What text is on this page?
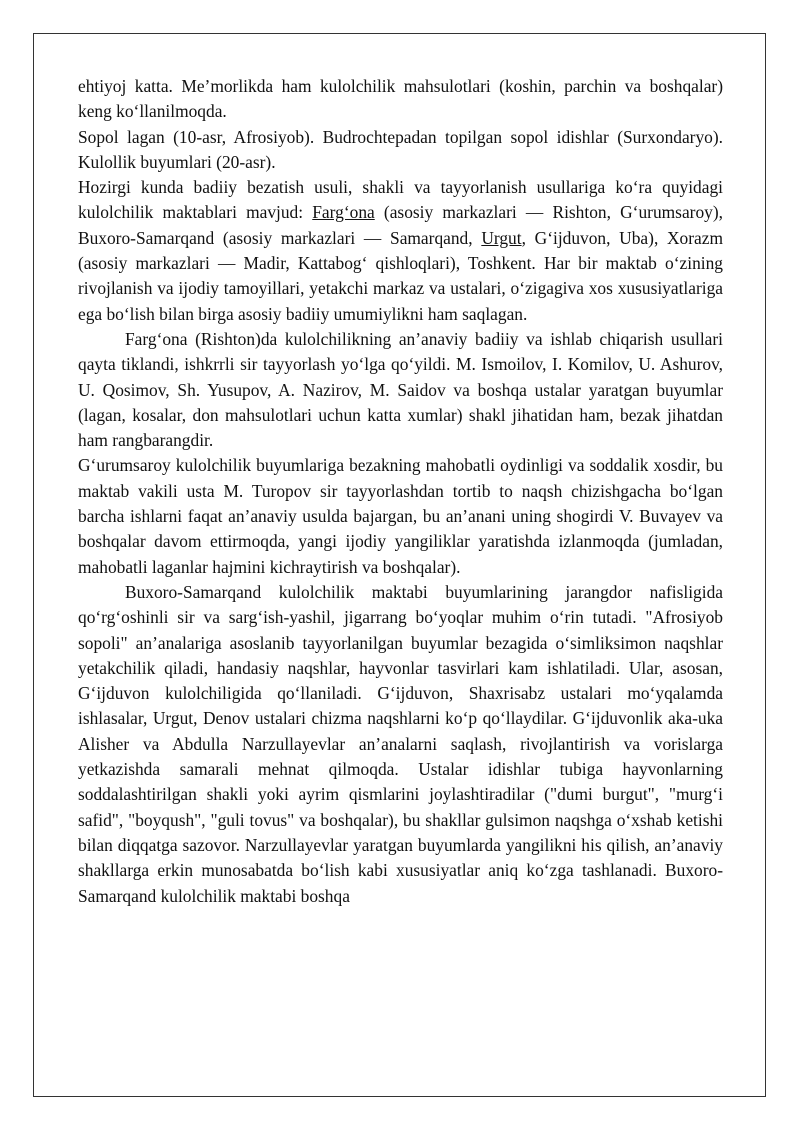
ehtiyoj katta. Me’morlikda ham kulolchilik mahsulotlari (koshin, parchin va boshqalar) keng ko‘llanilmoqda.

Sopol lagan (10-asr, Afrosiyob). Budrochtepadan topilgan sopol idishlar (Surxondaryo). Kulollik buyumlari (20-asr).

Hozirgi kunda badiiy bezatish usuli, shakli va tayyorlanish usullariga ko‘ra quyidagi kulolchilik maktablari mavjud: Farg‘ona (asosiy markazlari — Rishton, G‘urumsaroy), Buxoro-Samarqand (asosiy markazlari — Samarqand, Urgut, G‘ijduvon, Uba), Xorazm (asosiy markazlari — Madir, Kattabog‘ qishloqlari), Toshkent. Har bir maktab o‘zining rivojlanish va ijodiy tamoyillari, yetakchi markaz va ustalari, o‘zigagiva xos xususiyatlariga ega bo‘lish bilan birga asosiy badiiy umumiylikni ham saqlagan.

Farg‘ona (Rishton)da kulolchilikning an’anaviy badiiy va ishlab chiqarish usullari qayta tiklandi, ishkrrli sir tayyorlash yo‘lga qo‘yildi. M. Ismoilov, I. Komilov, U. Ashurov, U. Qosimov, Sh. Yusupov, A. Nazirov, M. Saidov va boshqa ustalar yaratgan buyumlar (lagan, kosalar, don mahsulotlari uchun katta xumlar) shakl jihatidan ham, bezak jihatdan ham rangbarangdir.

G‘urumsaroy kulolchilik buyumlariga bezakning mahobatli oydinligi va soddalik xosdir, bu maktab vakili usta M. Turopov sir tayyorlashdan tortib to naqsh chizishgacha bo‘lgan barcha ishlarni faqat an’anaviy usulda bajargan, bu an’anani uning shogirdi V. Buvayev va boshqalar davom ettirmoqda, yangi ijodiy yangiliklar yaratishda izlanmoqda (jumladan, mahobatli laganlar hajmini kichraytirish va boshqalar).

Buxoro-Samarqand kulolchilik maktabi buyumlarining jarangdor nafisligida qo‘rg‘oshinli sir va sarg‘ish-yashil, jigarrang bo‘yoqlar muhim o‘rin tutadi. "Afrosiyob sopoli" an’analariga asoslanib tayyorlanilgan buyumlar bezagida o‘simliksimon naqshlar yetakchilik qiladi, handasiy naqshlar, hayvonlar tasvirlari kam ishlatiladi. Ular, asosan, G‘ijduvon kulolchiligida qo‘llaniladi. G‘ijduvon, Shaxrisabz ustalari mo‘yqalamda ishlasalar, Urgut, Denov ustalari chizma naqshlarni ko‘p qo‘llaydilar. G‘ijduvonlik aka-uka Alisher va Abdulla Narzullayevlar an’analarni saqlash, rivojlantirish va vorislarga yetkazishda samarali mehnat qilmoqda. Ustalar idishlar tubiga hayvonlarning soddalashtirilgan shakli yoki ayrim qismlarini joylashtiradilar ("dumi burgut", "murg‘i safid", "boyqush", "guli tovus" va boshqalar), bu shakllar gulsimon naqshga o‘xshab ketishi bilan diqqatga sazovor. Narzullayevlar yaratgan buyumlarda yangilikni his qilish, an’anaviy shakllarga erkin munosabatda bo‘lish kabi xususiyatlar aniq ko‘zga tashlanadi. Buxoro-Samarqand kulolchilik maktabi boshqa
